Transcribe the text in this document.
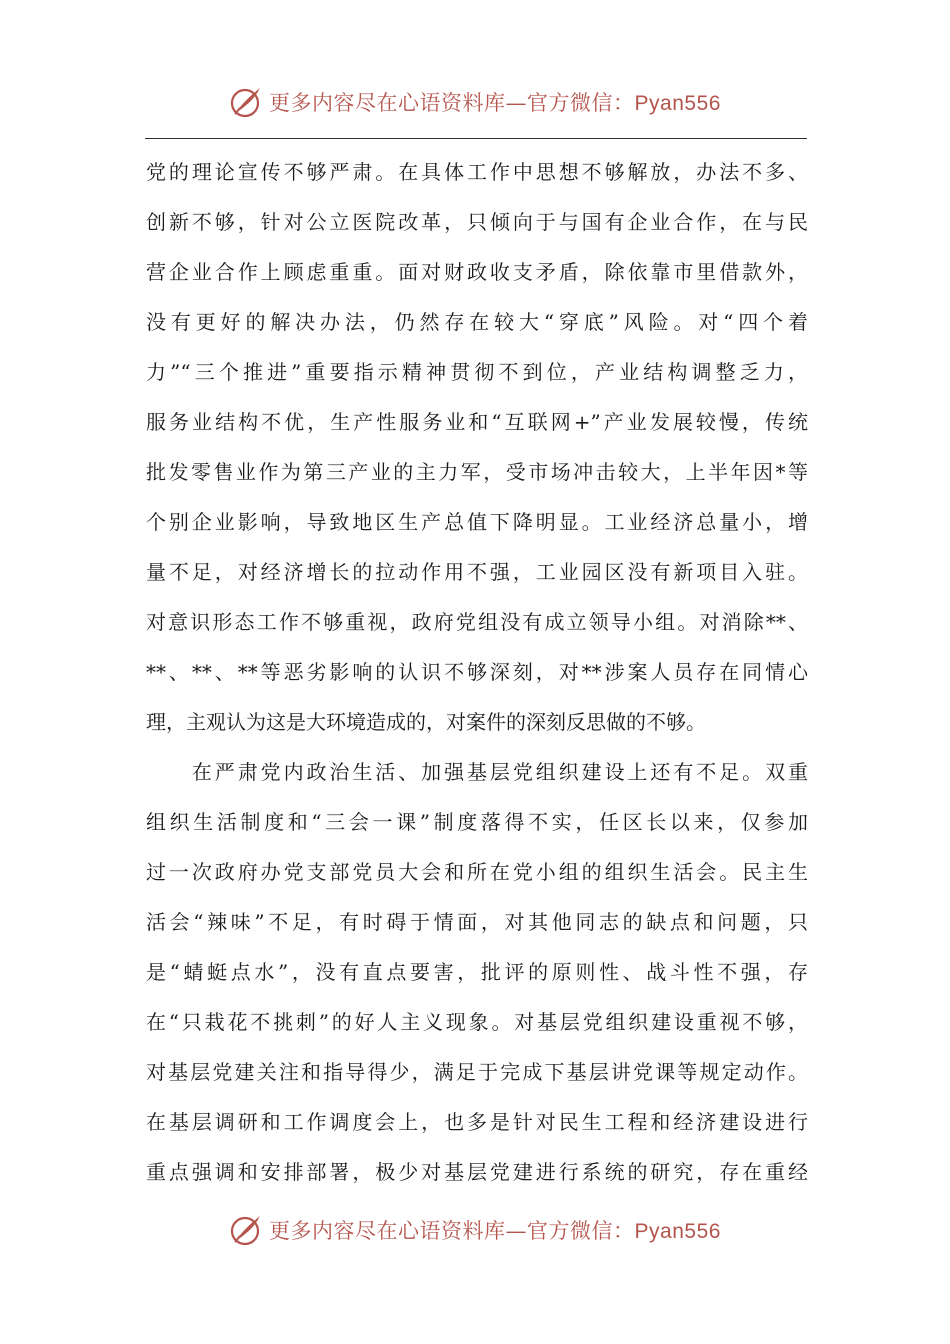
更多内容尽在心语资料库—官方微信：Pyan556
党的理论宣传不够严肃。在具体工作中思想不够解放，办法不多、
创新不够，针对公立医院改革，只倾向于与国有企业合作，在与民
营企业合作上顾虑重重。面对财政收支矛盾，除依靠市里借款外，
没有更好的解决办法，仍然存在较大“穿底”风险。对“四个着
力”“三个推进”重要指示精神贯彻不到位，产业结构调整乏力，
服务业结构不优，生产性服务业和“互联网+”产业发展较慢，传统
批发零售业作为第三产业的主力军，受市场冲击较大，上半年因*等
个别企业影响，导致地区生产总值下降明显。工业经济总量小，增
量不足，对经济增长的拉动作用不强，工业园区没有新项目入驻。
对意识形态工作不够重视，政府党组没有成立领导小组。对消除**、
**、**、**等恶劣影响的认识不够深刻，对**涉案人员存在同情心
理，主观认为这是大环境造成的，对案件的深刻反思做的不够。
　　在严肃党内政治生活、加强基层党组织建设上还有不足。双重
组织生活制度和“三会一课”制度落得不实，任区长以来，仅参加
过一次政府办党支部党员大会和所在党小组的组织生活会。民主生
活会“辣味”不足，有时碍于情面，对其他同志的缺点和问题，只
是“蜻蜓点水”，没有直点要害，批评的原则性、战斗性不强，存
在“只栽花不挑刺”的好人主义现象。对基层党组织建设重视不够，
对基层党建关注和指导得少，满足于完成下基层讲党课等规定动作。
在基层调研和工作调度会上，也多是针对民生工程和经济建设进行
重点强调和安排部署，极少对基层党建进行系统的研究，存在重经
更多内容尽在心语资料库—官方微信：Pyan556
